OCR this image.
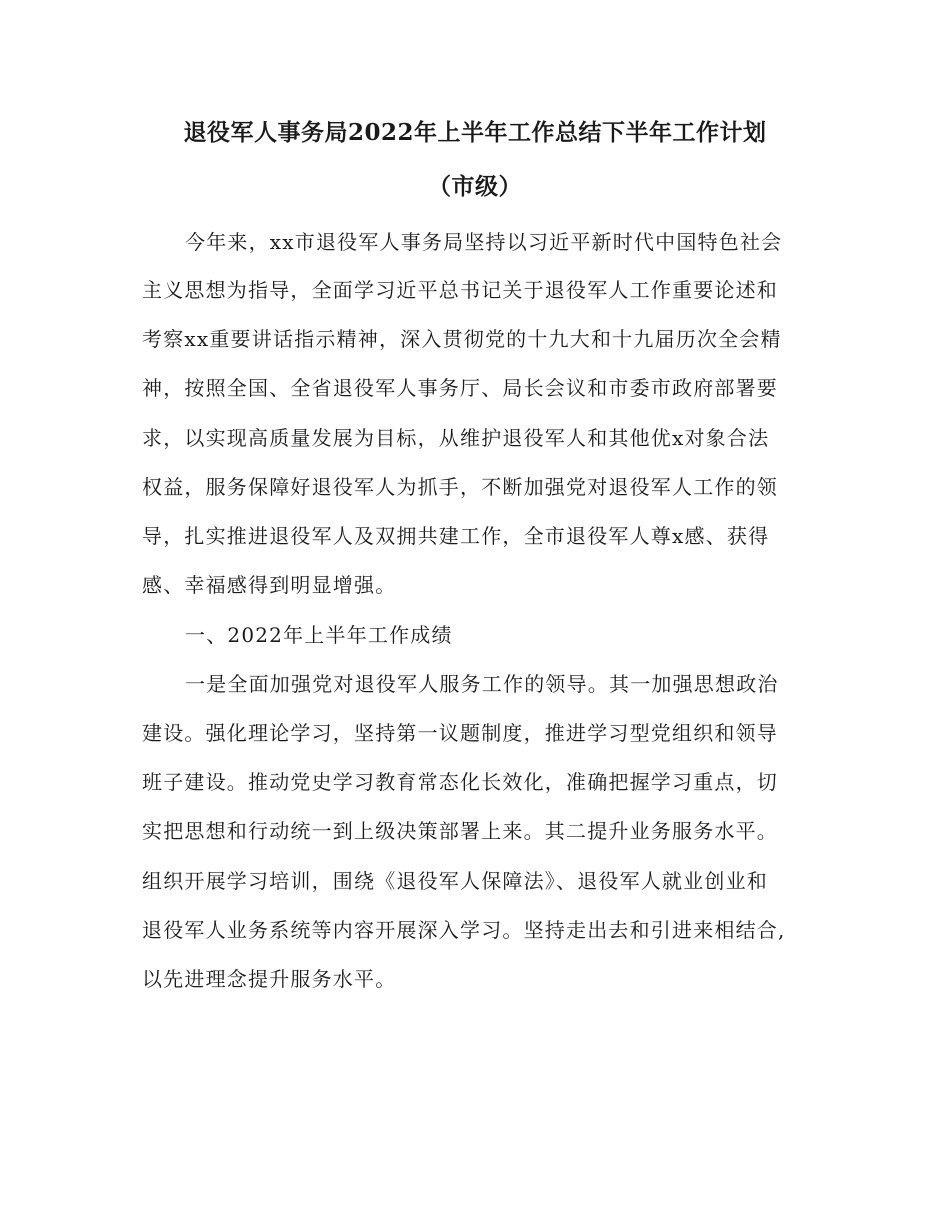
退役军人事务局2022年上半年工作总结下半年工作计划
（市级）

今年来，xx市退役军人事务局坚持以习近平新时代中国特色社会

主义思想为指导，全面学习近平总书记关于退役军人工作重要论述和

考察xx重要讲话指示精神，深入贯彻党的十九大和十九届历次全会精

神，按照全国、全省退役军人事务厅、局长会议和市委市政府部署要

求，以实现高质量发展为目标，从维护退役军人和其他优x对象合法

权益，服务保障好退役军人为抓手，不断加强党对退役军人工作的领

导，扎实推进退役军人及双拥共建工作，全市退役军人尊x感、获得

感、幸福感得到明显增强。

一、2022年上半年工作成绩

一是全面加强党对退役军人服务工作的领导。其一加强思想政治

建设。强化理论学习，坚持第一议题制度，推进学习型党组织和领导

班子建设。推动党史学习教育常态化长效化，准确把握学习重点，切

实把思想和行动统一到上级决策部署上来。其二提升业务服务水平。

组织开展学习培训，围绕《退役军人保障法》、退役军人就业创业和

退役军人业务系统等内容开展深入学习。坚持走出去和引进来相结合,

以先进理念提升服务水平。
